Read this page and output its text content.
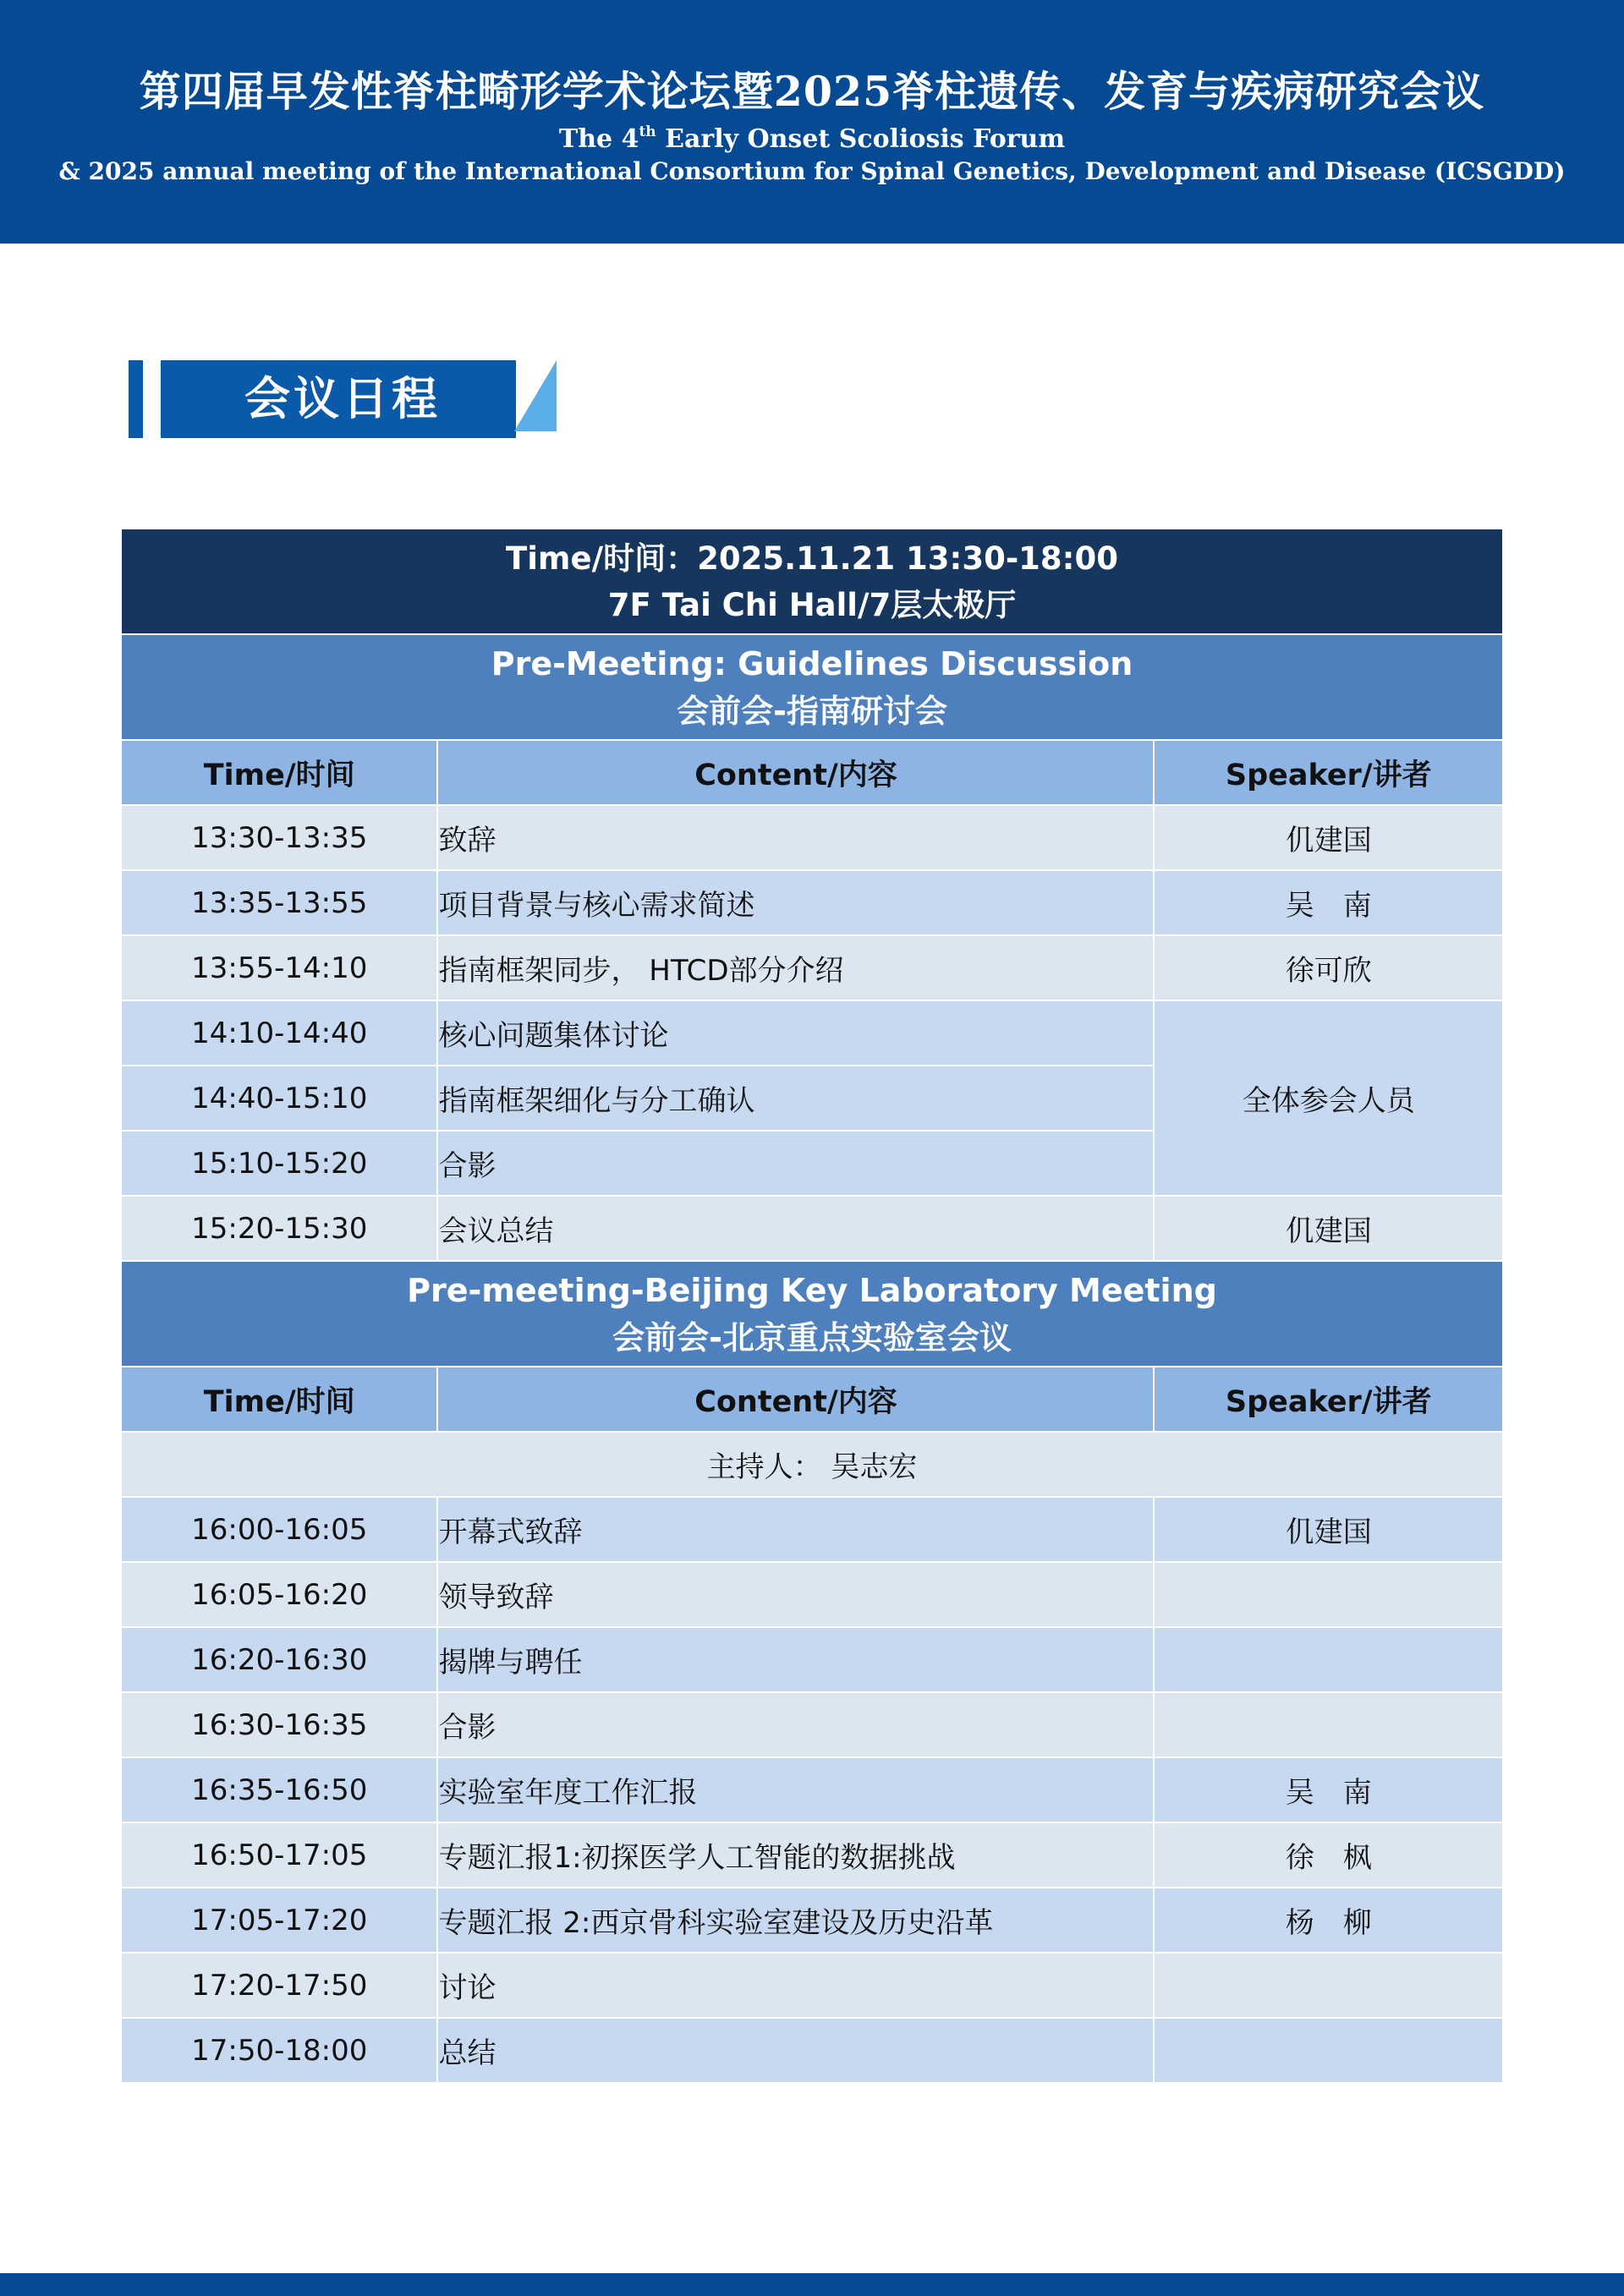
第四届早发性脊柱畸形学术论坛暨2025脊柱遗传、发育与疾病研究会议
The 4th Early Onset Scoliosis Forum
& 2025 annual meeting of the International Consortium for Spinal Genetics, Development and Disease (ICSGDD)
会议日程
Time/时间：2025.11.21 13:30-18:00
7F Tai Chi Hall/7层太极厅		

Pre-Meeting: Guidelines Discussion
会前会-指南研讨会		

Time/时间	Content/内容	Speaker/讲者
13:30-13:35	致辞	仉建国
13:35-13:55	项目背景与核心需求简述	吴　南
13:55-14:10	指南框架同步， HTCD部分介绍	徐可欣
14:10-14:40	核心问题集体讨论	全体参会人员
14:40-15:10	指南框架细化与分工确认	
15:10-15:20	合影	
15:20-15:30	会议总结	仉建国

Pre-meeting-Beijing Key Laboratory Meeting
会前会-北京重点实验室会议		

Time/时间	Content/内容	Speaker/讲者
主持人： 吴志宏		
16:00-16:05	开幕式致辞	仉建国
16:05-16:20	领导致辞	
16:20-16:30	揭牌与聘任	
16:30-16:35	合影	
16:35-16:50	实验室年度工作汇报	吴　南
16:50-17:05	专题汇报1:初探医学人工智能的数据挑战	徐　枫
17:05-17:20	专题汇报 2:西京骨科实验室建设及历史沿革	杨　柳
17:20-17:50	讨论	
17:50-18:00	总结	
